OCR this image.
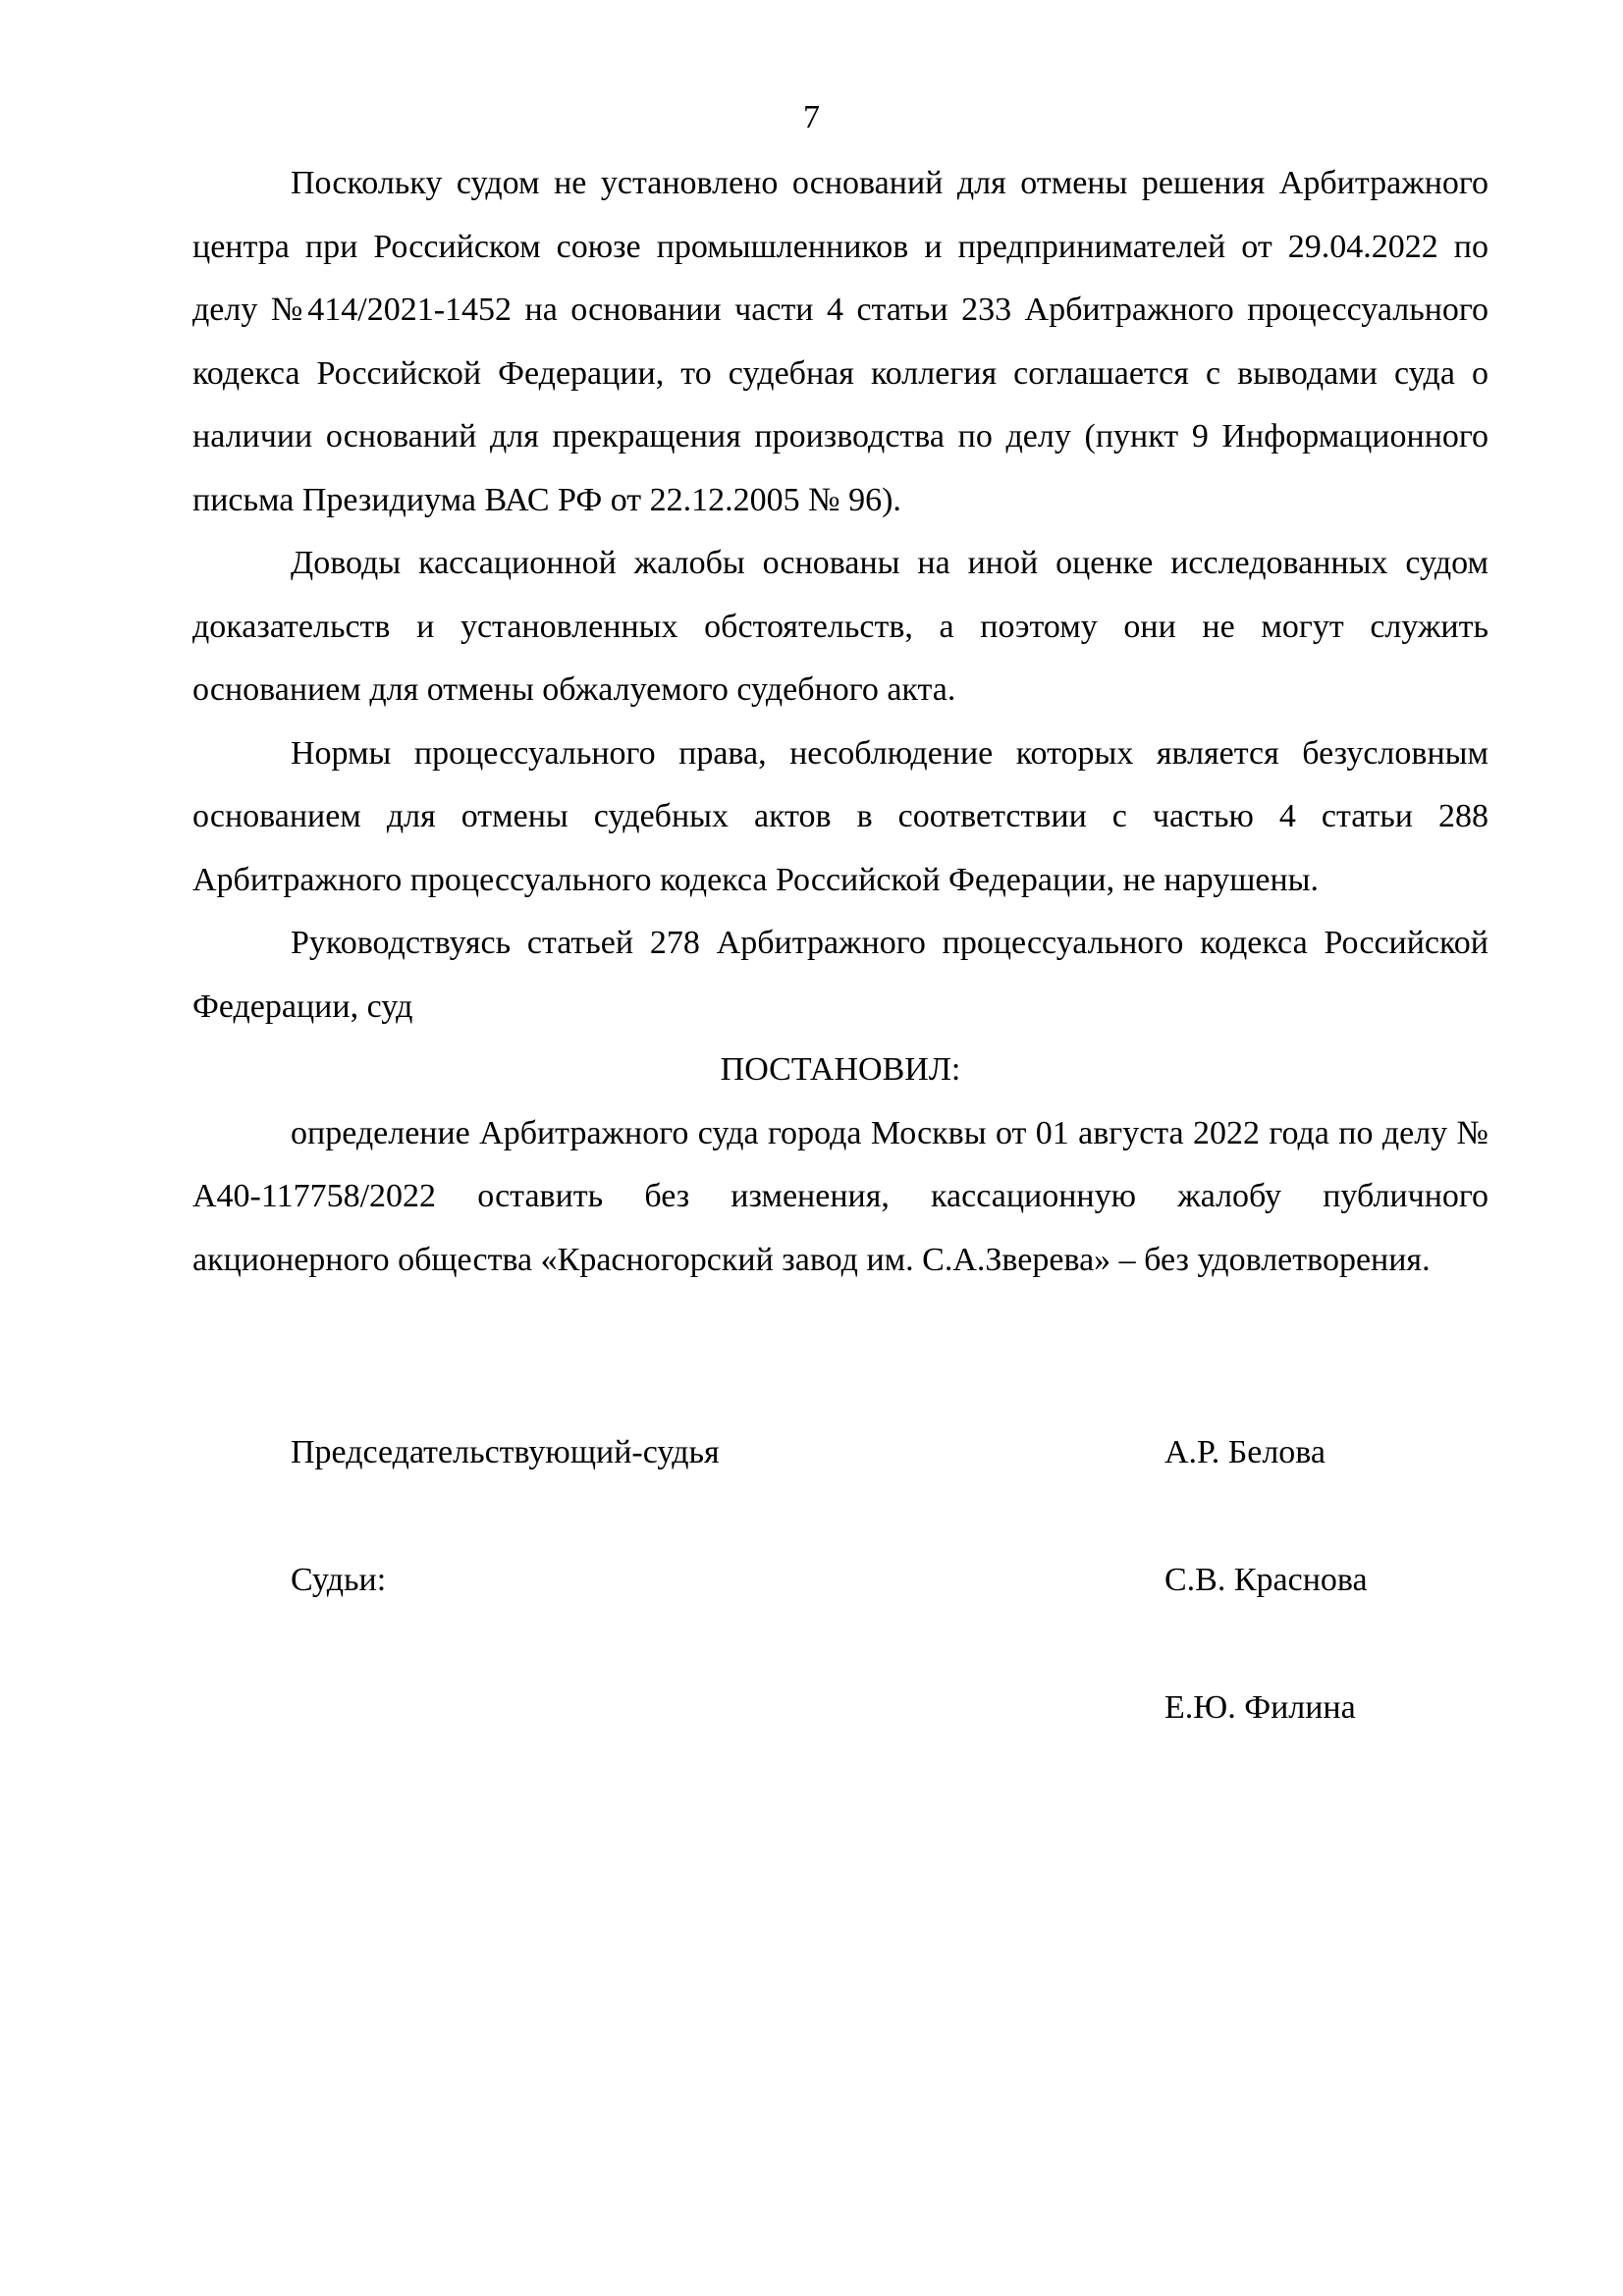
7

Поскольку судом не установлено оснований для отмены решения Арбитражного центра при Российском союзе промышленников и предпринимателей от 29.04.2022 по делу №414/2021-1452 на основании части 4 статьи 233 Арбитражного процессуального кодекса Российской Федерации, то судебная коллегия соглашается с выводами суда о наличии оснований для прекращения производства по делу (пункт 9 Информационного письма Президиума ВАС РФ от 22.12.2005 № 96).

Доводы кассационной жалобы основаны на иной оценке исследованных судом доказательств и установленных обстоятельств, а поэтому они не могут служить основанием для отмены обжалуемого судебного акта.

Нормы процессуального права, несоблюдение которых является безусловным основанием для отмены судебных актов в соответствии с частью 4 статьи 288 Арбитражного процессуального кодекса Российской Федерации, не нарушены.

Руководствуясь статьей 278 Арбитражного процессуального кодекса Российской Федерации, суд

ПОСТАНОВИЛ:

определение Арбитражного суда города Москвы от 01 августа 2022 года по делу № А40-117758/2022 оставить без изменения, кассационную жалобу публичного акционерного общества «Красногорский завод им. С.А.Зверева» – без удовлетворения.

Председательствующий-судья	А.Р. Белова
Судьи:	С.В. Краснова
Е.Ю. Филина
